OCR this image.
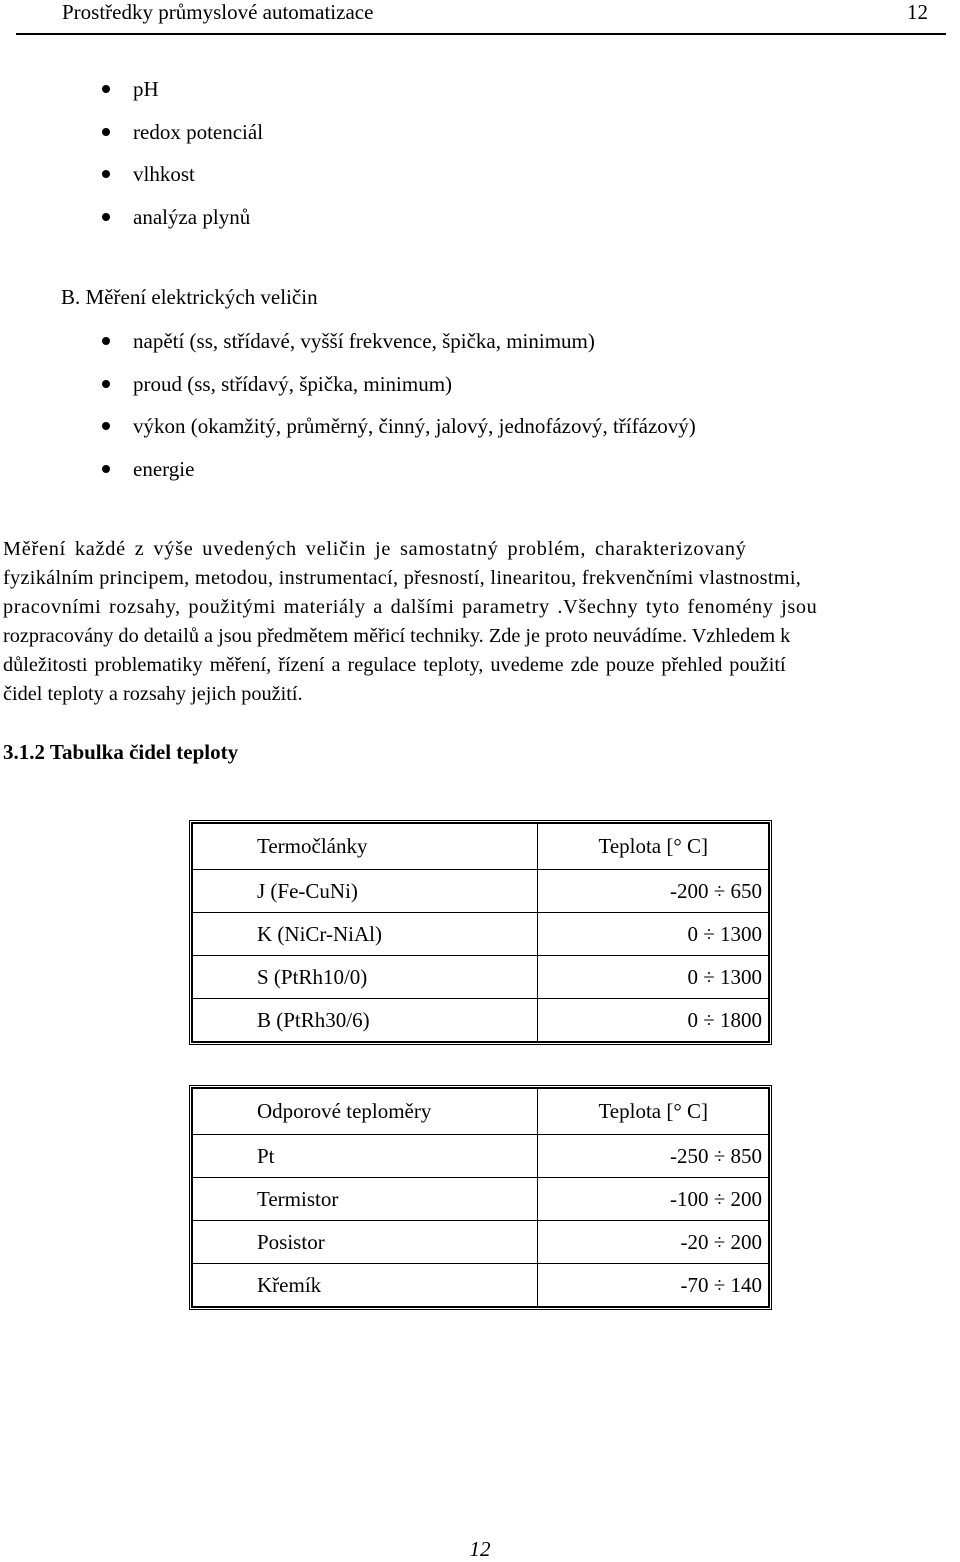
Prostředky průmyslové automatizace	12
pH
redox potenciál
vlhkost
analýza plynů
B. Měření elektrických veličin
napětí (ss, střídavé, vyšší frekvence, špička, minimum)
proud (ss, střídavý, špička, minimum)
výkon (okamžitý, průměrný, činný, jalový, jednofázový, třífázový)
energie
Měření každé z výše uvedených veličin je samostatný problém, charakterizovaný
fyzikálním principem, metodou, instrumentací, přesností, linearitou, frekvenčními vlastnostmi,
pracovními rozsahy, použitými materiály a dalšími parametry .Všechny tyto fenomény jsou
rozpracovány do detailů a jsou předmětem měřicí techniky. Zde je proto neuvádíme. Vzhledem k
důležitosti problematiky měření, řízení a regulace teploty, uvedeme zde pouze přehled použití
čidel teploty a rozsahy jejich použití.
3.1.2 Tabulka čidel teploty
Termočlánky	Teplota [° C]
J (Fe-CuNi)	-200 ÷ 650
K (NiCr-NiAl)	0 ÷ 1300
S (PtRh10/0)	0 ÷ 1300
B (PtRh30/6)	0 ÷ 1800
Odporové teploměry	Teplota [° C]
Pt	-250 ÷ 850
Termistor	-100 ÷ 200
Posistor	-20 ÷ 200
Křemík	-70 ÷ 140
12
